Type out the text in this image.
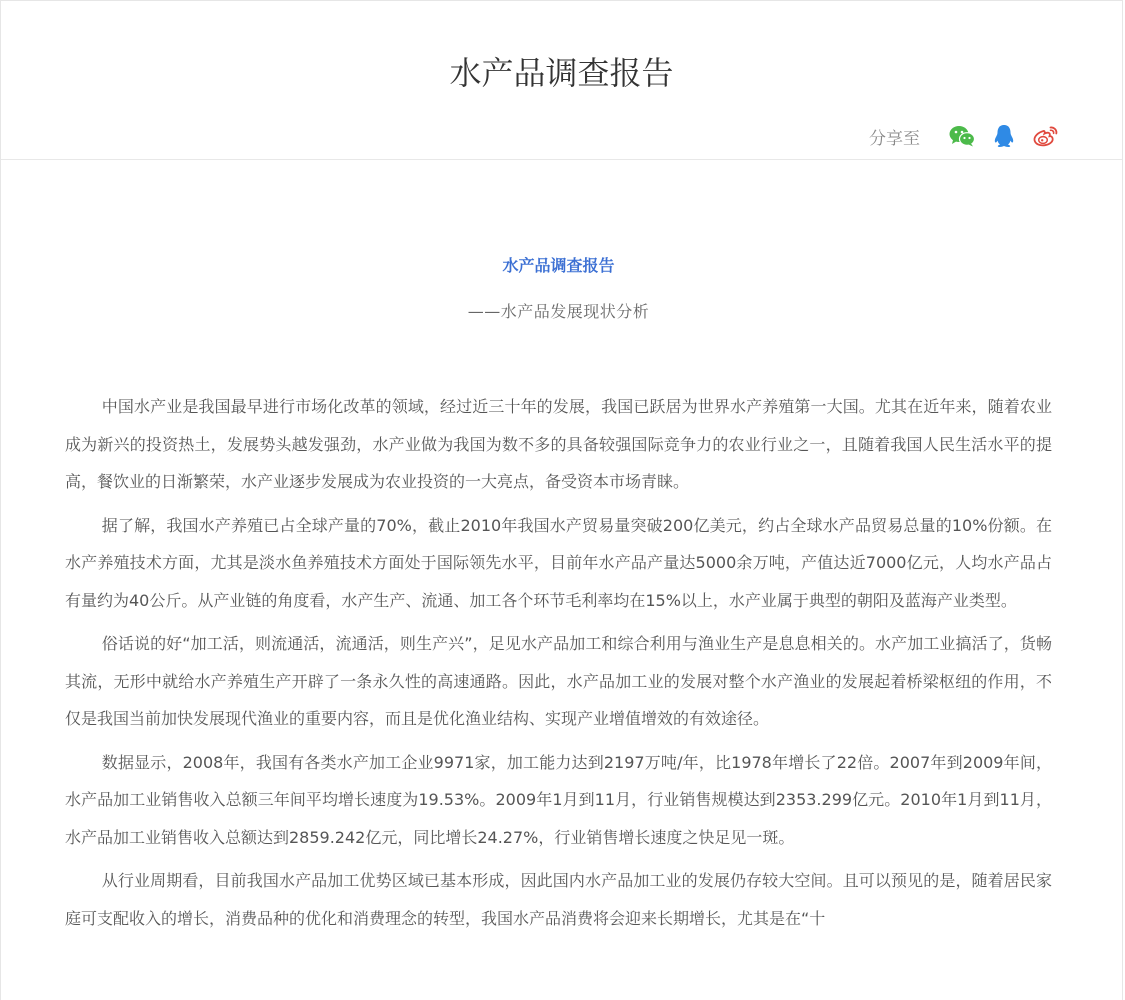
水产品调查报告
分享至
水产品调查报告
——水产品发展现状分析

中国水产业是我国最早进行市场化改革的领域，经过近三十年的发展，我国已跃居为世界水产养殖第一大国。尤其在近年来，随着农业成为新兴的投资热土，发展势头越发强劲，水产业做为我国为数不多的具备较强国际竞争力的农业行业之一，且随着我国人民生活水平的提高，餐饮业的日渐繁荣，水产业逐步发展成为农业投资的一大亮点，备受资本市场青睐。

据了解，我国水产养殖已占全球产量的70%，截止2010年我国水产贸易量突破200亿美元，约占全球水产品贸易总量的10%份额。在水产养殖技术方面，尤其是淡水鱼养殖技术方面处于国际领先水平，目前年水产品产量达5000余万吨，产值达近7000亿元，人均水产品占有量约为40公斤。从产业链的角度看，水产生产、流通、加工各个环节毛利率均在15%以上，水产业属于典型的朝阳及蓝海产业类型。

俗话说的好“加工活，则流通活，流通活，则生产兴”，足见水产品加工和综合利用与渔业生产是息息相关的。水产加工业搞活了，货畅其流，无形中就给水产养殖生产开辟了一条永久性的高速通路。因此，水产品加工业的发展对整个水产渔业的发展起着桥梁枢纽的作用，不仅是我国当前加快发展现代渔业的重要内容，而且是优化渔业结构、实现产业增值增效的有效途径。

数据显示，2008年，我国有各类水产加工企业9971家，加工能力达到2197万吨/年，比1978年增长了22倍。2007年到2009年间，水产品加工业销售收入总额三年间平均增长速度为19.53%。2009年1月到11月，行业销售规模达到2353.299亿元。2010年1月到11月，水产品加工业销售收入总额达到2859.242亿元，同比增长24.27%，行业销售增长速度之快足见一斑。

从行业周期看，目前我国水产品加工优势区域已基本形成，因此国内水产品加工业的发展仍存较大空间。且可以预见的是，随着居民家庭可支配收入的增长，消费品种的优化和消费理念的转型，我国水产品消费将会迎来长期增长，尤其是在“十
